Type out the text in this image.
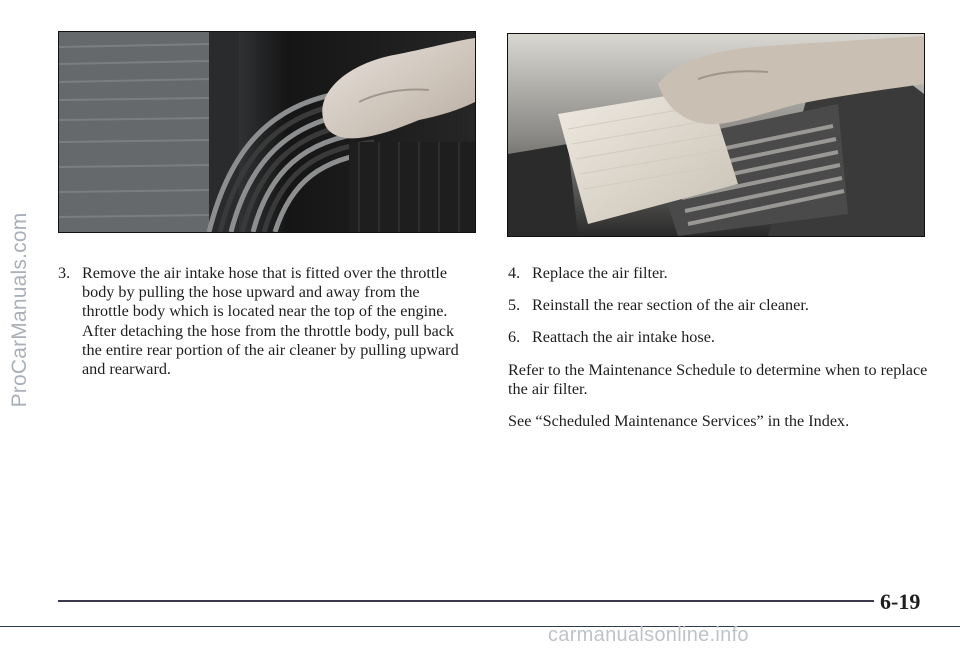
ProCarManuals.com 3. Remove the air intake hose that is fitted over the throttle body by pulling the hose upward and away from the throttle body which is located near the top of the engine. After detaching the hose from the throttle body, pull back the entire rear portion of the air cleaner by pulling upward and rearward.
4. Replace the air filter.
5. Reinstall the rear section of the air cleaner.
6. Reattach the air intake hose.
Refer to the Maintenance Schedule to determine when to replace the air filter.
See “Scheduled Maintenance Services” in the Index.
6-19
carmanualsonline.info
